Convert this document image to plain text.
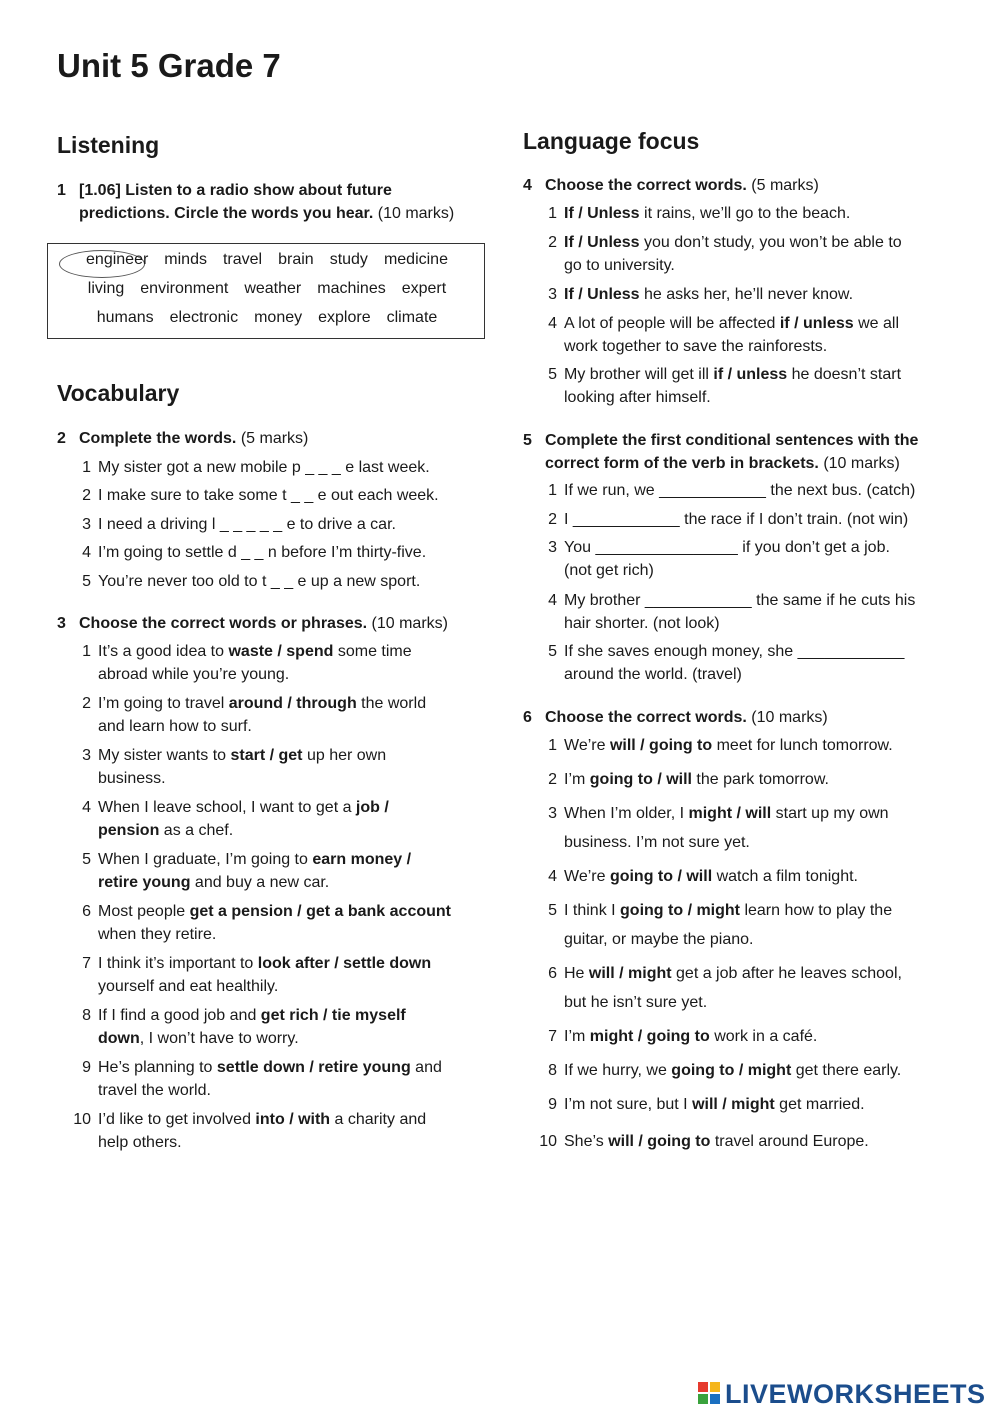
Unit 5 Grade 7
Listening
1 [1.06] Listen to a radio show about future
predictions. Circle the words you hear. (10 marks)
engineer minds travel brain study medicine
living environment weather machines expert
humans electronic money explore climate
Vocabulary
2 Complete the words. (5 marks)
1 My sister got a new mobile p _ _ _ e last week.
2 I make sure to take some t _ _ e out each week.
3 I need a driving l _ _ _ _ _ e to drive a car.
4 I’m going to settle d _ _ n before I’m thirty-five.
5 You’re never too old to t _ _ e up a new sport.
3 Choose the correct words or phrases. (10 marks)
1 It’s a good idea to waste / spend some time
abroad while you’re young.
2 I’m going to travel around / through the world
and learn how to surf.
3 My sister wants to start / get up her own
business.
4 When I leave school, I want to get a job /
pension as a chef.
5 When I graduate, I’m going to earn money /
retire young and buy a new car.
6 Most people get a pension / get a bank account
when they retire.
7 I think it’s important to look after / settle down
yourself and eat healthily.
8 If I find a good job and get rich / tie myself
down, I won’t have to worry.
9 He’s planning to settle down / retire young and
travel the world.
10 I’d like to get involved into / with a charity and
help others.
Language focus
4 Choose the correct words. (5 marks)
1 If / Unless it rains, we’ll go to the beach.
2 If / Unless you don’t study, you won’t be able to
go to university.
3 If / Unless he asks her, he’ll never know.
4 A lot of people will be affected if / unless we all
work together to save the rainforests.
5 My brother will get ill if / unless he doesn’t start
looking after himself.
5 Complete the first conditional sentences with the
correct form of the verb in brackets. (10 marks)
1 If we run, we ____________ the next bus. (catch)
2 I ____________ the race if I don’t train. (not win)
3 You ________________ if you don’t get a job.
(not get rich)
4 My brother ____________ the same if he cuts his
hair shorter. (not look)
5 If she saves enough money, she ____________
around the world. (travel)
6 Choose the correct words. (10 marks)
1 We’re will / going to meet for lunch tomorrow.
2 I’m going to / will the park tomorrow.
3 When I’m older, I might / will start up my own
business. I’m not sure yet.
4 We’re going to / will watch a film tonight.
5 I think I going to / might learn how to play the
guitar, or maybe the piano.
6 He will / might get a job after he leaves school,
but he isn’t sure yet.
7 I’m might / going to work in a café.
8 If we hurry, we going to / might get there early.
9 I’m not sure, but I will / might get married.
10 She’s will / going to travel around Europe.
LIVEWORKSHEETS
